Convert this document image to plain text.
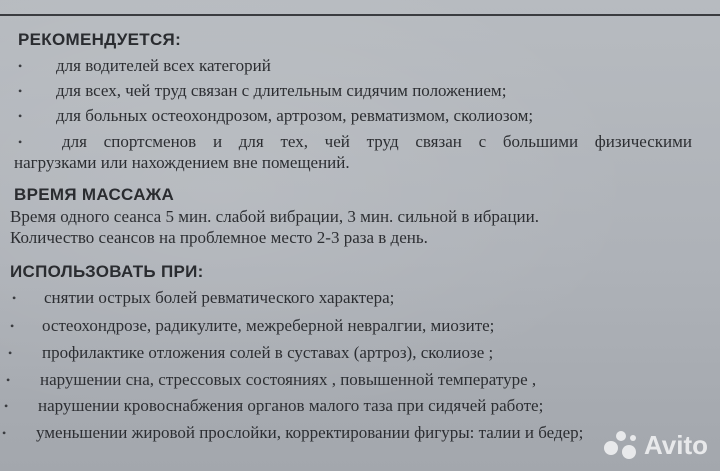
РЕКОМЕНДУЕТСЯ:
• для водителей всех категорий
• для всех, чей труд связан с длительным сидячим положением;
• для больных остеохондрозом, артрозом, ревматизмом, сколиозом;
• для спортсменов и для тех, чей труд связан с большими физическими
нагрузками или нахождением вне помещений.
ВРЕМЯ МАССАЖА
Время одного сеанса 5 мин. слабой вибрации, 3 мин. сильной в ибрации.
Количество сеансов на проблемное место 2-3 раза в день.
ИСПОЛЬЗОВАТЬ ПРИ:
• снятии острых болей ревматического характера;
• остеохондрозе, радикулите, межреберной невралгии, миозите;
• профилактике отложения солей в суставах (артроз), сколиозе ;
• нарушении сна, стрессовых состояниях , повышенной температуре ,
• нарушении кровоснабжения органов малого таза при сидячей работе;
• уменьшении жировой прослойки, корректировании фигуры: талии и бедер; Avito
